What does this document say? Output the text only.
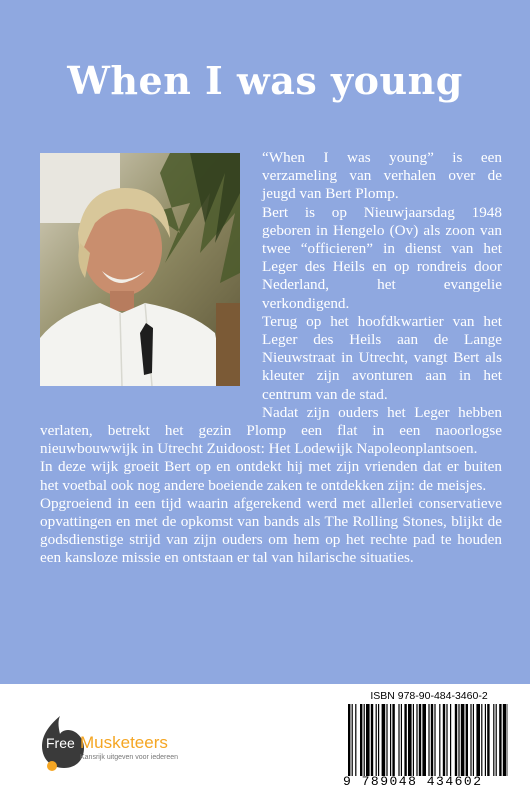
When I was young

“When I was young” is een verzameling van verhalen over de jeugd van Bert Plomp.

Bert is op Nieuwjaarsdag 1948 geboren in Hengelo (Ov) als zoon van twee “officieren” in dienst van het Leger des Heils en op rondreis door Nederland, het evangelie verkondigend.

Terug op het hoofdkwartier van het Leger des Heils aan de Lange Nieuwstraat in Utrecht, vangt Bert als kleuter zijn avonturen aan in het centrum van de stad.

Nadat zijn ouders het Leger hebben verlaten, betrekt het gezin Plomp een flat in een naoorlogse nieuwbouwwijk in Utrecht Zuidoost: Het Lodewijk Napoleonplantsoen.

In deze wijk groeit Bert op en ontdekt hij met zijn vrienden dat er buiten het voetbal ook nog andere boeiende zaken te ontdekken zijn: de meisjes.

Opgroeiend in een tijd waarin afgerekend werd met allerlei conservatieve opvattingen en met de opkomst van bands als The Rolling Stones, blijkt de godsdienstige strijd van zijn ouders om hem op het rechte pad te houden een kansloze missie en ontstaan er tal van hilarische situaties.

Free Musketeers
Kansrijk uitgeven voor iedereen
ISBN 978-90-484-3460-2
9 789048 434602
